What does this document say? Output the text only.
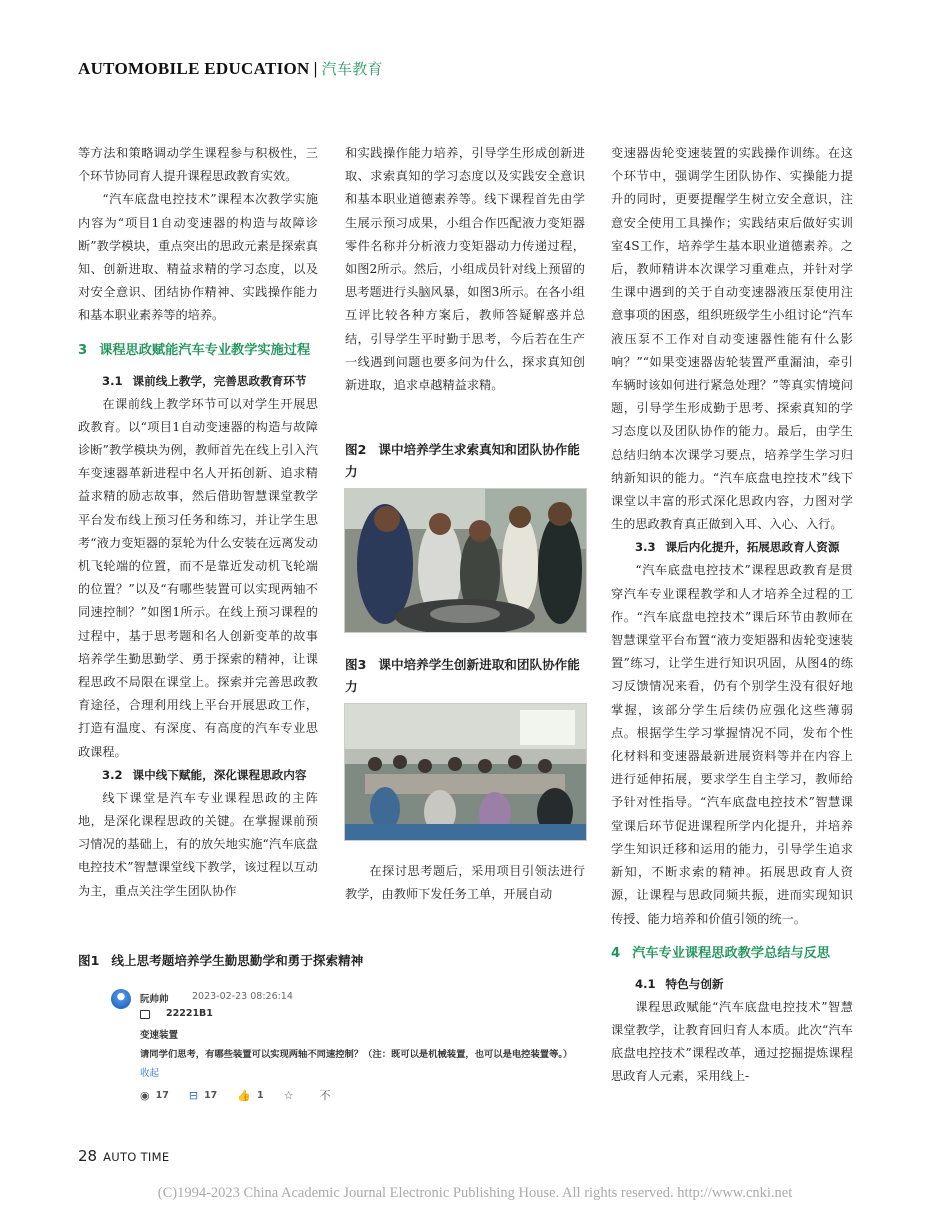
AUTOMOBILE EDUCATION | 汽车教育

等方法和策略调动学生课程参与积极性，三个环节协同育人提升课程思政教育实效。

“汽车底盘电控技术”课程本次教学实施内容为“项目1自动变速器的构造与故障诊断”教学模块，重点突出的思政元素是探索真知、创新进取、精益求精的学习态度，以及对安全意识、团结协作精神、实践操作能力和基本职业素养等的培养。

3 课程思政赋能汽车专业教学实施过程
3.1 课前线上教学，完善思政教育环节

在课前线上教学环节可以对学生开展思政教育。以“项目1自动变速器的构造与故障诊断”教学模块为例，教师首先在线上引入汽车变速器革新进程中名人开拓创新、追求精益求精的励志故事，然后借助智慧课堂教学平台发布线上预习任务和练习，并让学生思考“液力变矩器的泵轮为什么安装在远离发动机飞轮端的位置，而不是靠近发动机飞轮端的位置？”以及“有哪些装置可以实现两轴不同速控制？”如图1所示。在线上预习课程的过程中，基于思考题和名人创新变革的故事培养学生勤思勤学、勇于探索的精神，让课程思政不局限在课堂上。探索并完善思政教育途径，合理利用线上平台开展思政工作，打造有温度、有深度、有高度的汽车专业思政课程。

3.2 课中线下赋能，深化课程思政内容

线下课堂是汽车专业课程思政的主阵地，是深化课程思政的关键。在掌握课前预习情况的基础上，有的放矢地实施“汽车底盘电控技术”智慧课堂线下教学，该过程以互动为主，重点关注学生团队协作

和实践操作能力培养，引导学生形成创新进取、求索真知的学习态度以及实践安全意识和基本职业道德素养等。线下课程首先由学生展示预习成果，小组合作匹配液力变矩器零件名称并分析液力变矩器动力传递过程，如图2所示。然后，小组成员针对线上预留的思考题进行头脑风暴，如图3所示。在各小组互评比较各种方案后，教师答疑解惑并总结，引导学生平时勤于思考，今后若在生产一线遇到问题也要多问为什么，探求真知创新进取，追求卓越精益求精。

图2 课中培养学生求索真知和团队协作能力

图3 课中培养学生创新进取和团队协作能力

在探讨思考题后，采用项目引领法进行教学，由教师下发任务工单，开展自动

变速器齿轮变速装置的实践操作训练。在这个环节中，强调学生团队协作、实操能力提升的同时，更要提醒学生树立安全意识，注意安全使用工具操作；实践结束后做好实训室4S工作，培养学生基本职业道德素养。之后，教师精讲本次课学习重难点，并针对学生课中遇到的关于自动变速器液压泵使用注意事项的困惑，组织班级学生小组讨论“汽车液压泵不工作对自动变速器性能有什么影响？”“如果变速器齿轮装置严重漏油，牵引车辆时该如何进行紧急处理？”等真实情境问题，引导学生形成勤于思考、探索真知的学习态度以及团队协作的能力。最后，由学生总结归纳本次课学习要点，培养学生学习归纳新知识的能力。“汽车底盘电控技术”线下课堂以丰富的形式深化思政内容，力图对学生的思政教育真正做到入耳、入心、入行。

3.3 课后内化提升，拓展思政育人资源

“汽车底盘电控技术”课程思政教育是贯穿汽车专业课程教学和人才培养全过程的工作。“汽车底盘电控技术”课后环节由教师在智慧课堂平台布置“液力变矩器和齿轮变速装置”练习，让学生进行知识巩固，从图4的练习反馈情况来看，仍有个别学生没有很好地掌握，该部分学生后续仍应强化这些薄弱点。根据学生学习掌握情况不同，发布个性化材料和变速器最新进展资料等并在内容上进行延伸拓展，要求学生自主学习，教师给予针对性指导。“汽车底盘电控技术”智慧课堂课后环节促进课程所学内化提升，并培养学生知识迁移和运用的能力，引导学生追求新知，不断求索的精神。拓展思政育人资源，让课程与思政同频共振，进而实现知识传授、能力培养和价值引领的统一。

4 汽车专业课程思政教学总结与反思
4.1 特色与创新

课程思政赋能“汽车底盘电控技术”智慧课堂教学，让教育回归育人本质。此次“汽车底盘电控技术”课程改革，通过挖掘提炼课程思政育人元素，采用线上-

图1 线上思考题培养学生勤思勤学和勇于探索精神

阮帅帅 2023-02-23 08:26:14
22221B1
变速装置
请同学们思考，有哪些装置可以实现两轴不同速控制？（注：既可以是机械装置，也可以是电控装置等。）
收起
◉ 17 ⊟ 17 👍 1 ☆ 不
28 AUTO TIME
(C)1994-2023 China Academic Journal Electronic Publishing House. All rights reserved. http://www.cnki.net
